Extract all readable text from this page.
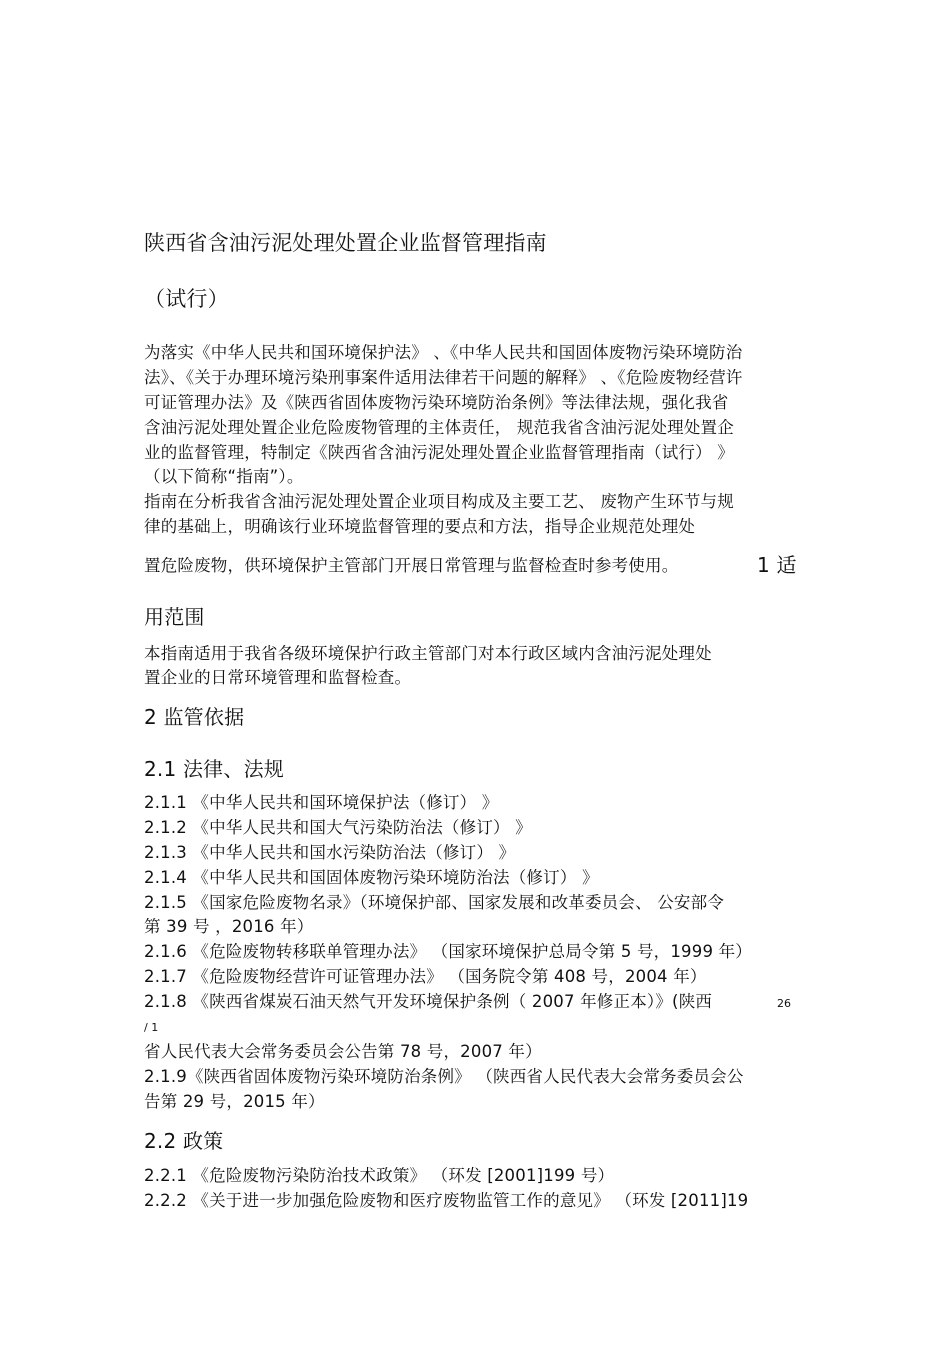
陕西省含油污泥处理处置企业监督管理指南
（试行）
为落实《中华人民共和国环境保护法》 、《中华人民共和国固体废物污染环境防治
法》、《关于办理环境污染刑事案件适用法律若干问题的解释》 、《危险废物经营许
可证管理办法》及《陕西省固体废物污染环境防治条例》等法律法规，强化我省
含油污泥处理处置企业危险废物管理的主体责任， 规范我省含油污泥处理处置企
业的监督管理，特制定《陕西省含油污泥处理处置企业监督管理指南（试行） 》
（以下简称“指南”）。
指南在分析我省含油污泥处理处置企业项目构成及主要工艺、 废物产生环节与规
律的基础上，明确该行业环境监督管理的要点和方法，指导企业规范处理处
置危险废物，供环境保护主管部门开展日常管理与监督检查时参考使用。	1 适
用范围
本指南适用于我省各级环境保护行政主管部门对本行政区域内含油污泥处理处
置企业的日常环境管理和监督检查。
2 监管依据
2.1 法律、法规
2.1.1 《中华人民共和国环境保护法（修订） 》
2.1.2 《中华人民共和国大气污染防治法（修订） 》
2.1.3 《中华人民共和国水污染防治法（修订） 》
2.1.4 《中华人民共和国固体废物污染环境防治法（修订） 》
2.1.5 《国家危险废物名录》（环境保护部、国家发展和改革委员会、 公安部令
第 39 号 ，2016 年）
2.1.6 《危险废物转移联单管理办法》 （国家环境保护总局令第 5 号，1999 年）
2.1.7 《危险废物经营许可证管理办法》 （国务院令第 408 号，2004 年）
2.1.8 《陕西省煤炭石油天然气开发环境保护条例（ 2007 年修正本）》(陕西	26
/ 1
省人民代表大会常务委员会公告第 78 号，2007 年）
2.1.9《陕西省固体废物污染环境防治条例》 （陕西省人民代表大会常务委员会公
告第 29 号，2015 年）
2.2 政策
2.2.1 《危险废物污染防治技术政策》 （环发 [2001]199 号）
2.2.2 《关于进一步加强危险废物和医疗废物监管工作的意见》 （环发 [2011]19
